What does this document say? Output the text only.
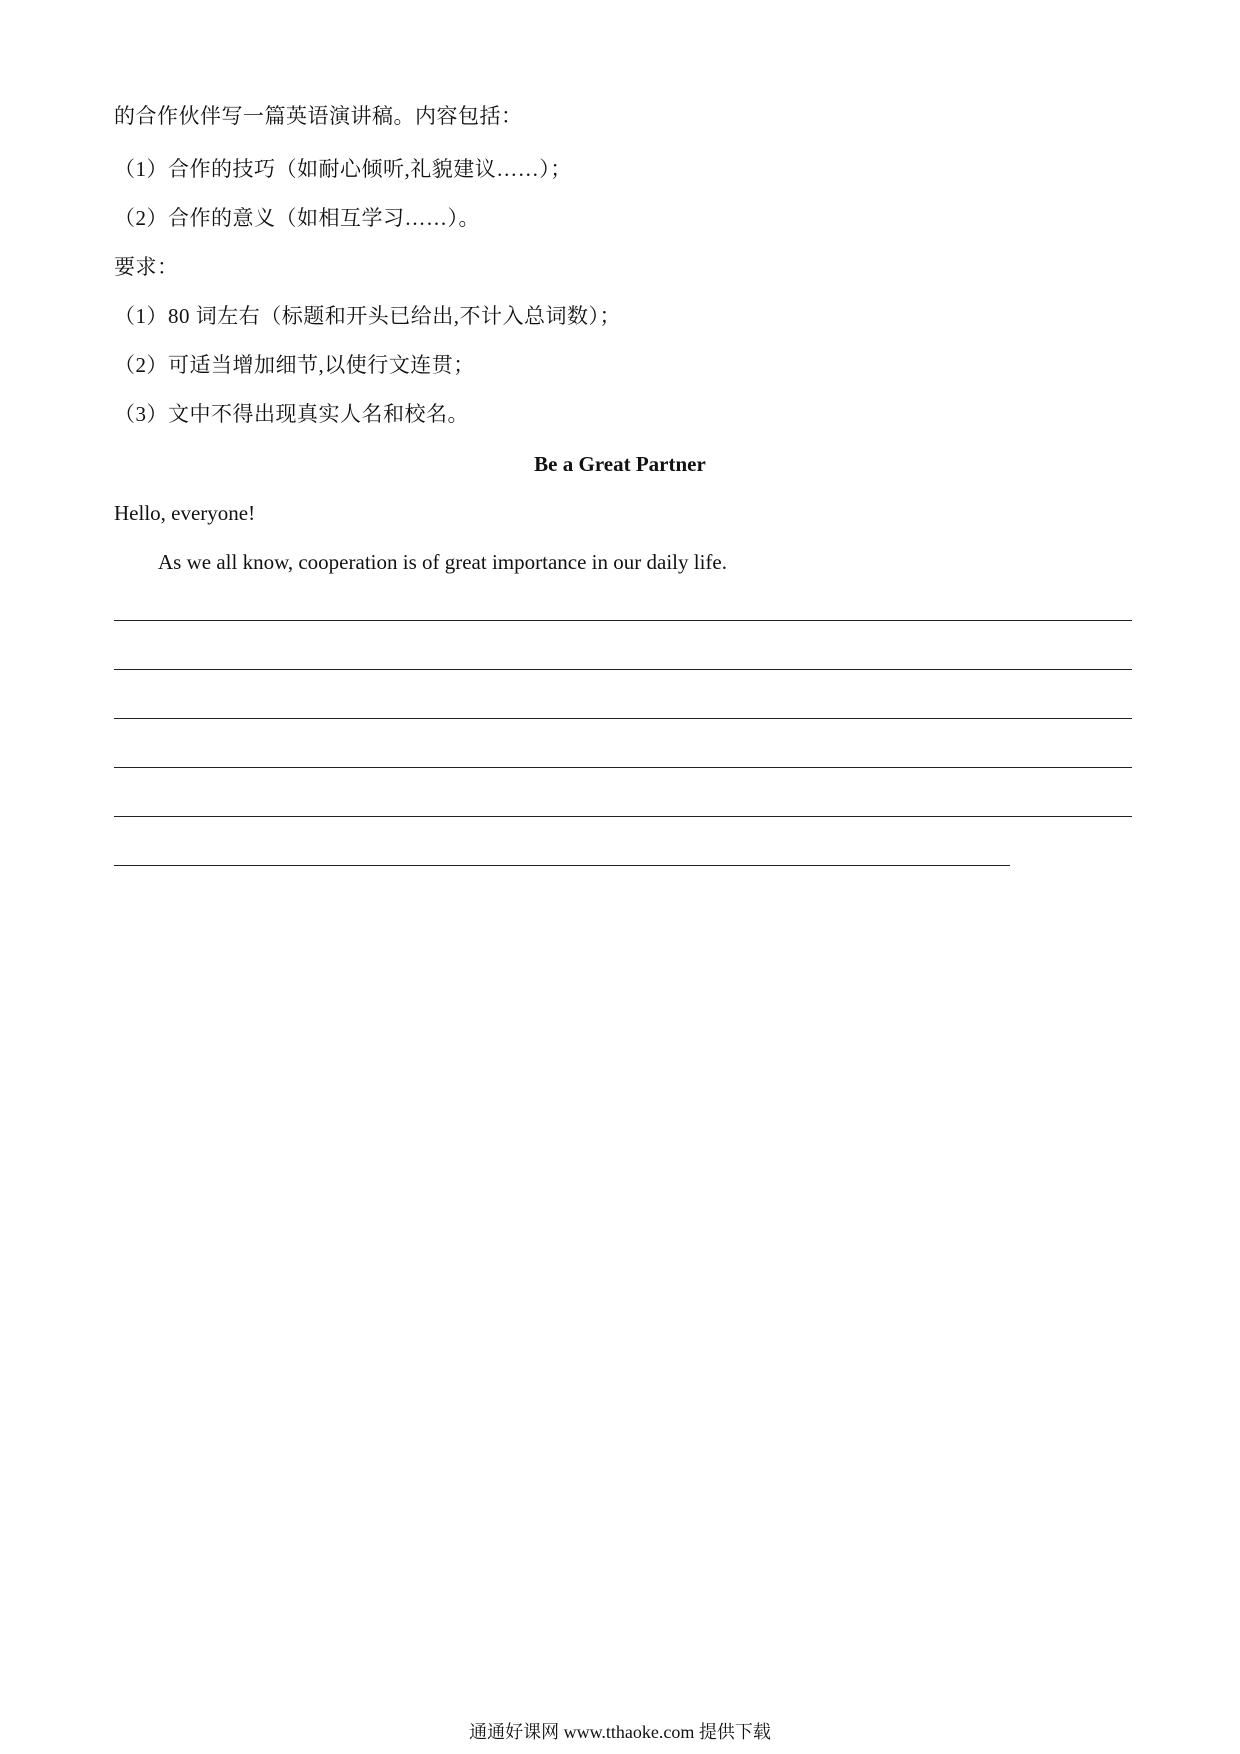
的合作伙伴写一篇英语演讲稿。内容包括：
（1）合作的技巧（如耐心倾听,礼貌建议……）；
（2）合作的意义（如相互学习……）。
要求：
（1）80 词左右（标题和开头已给出,不计入总词数）；
（2）可适当增加细节,以使行文连贯；
（3）文中不得出现真实人名和校名。
Be a Great Partner
Hello, everyone!
As we all know, cooperation is of great importance in our daily life.
通通好课网 www.tthaoke.com 提供下载
